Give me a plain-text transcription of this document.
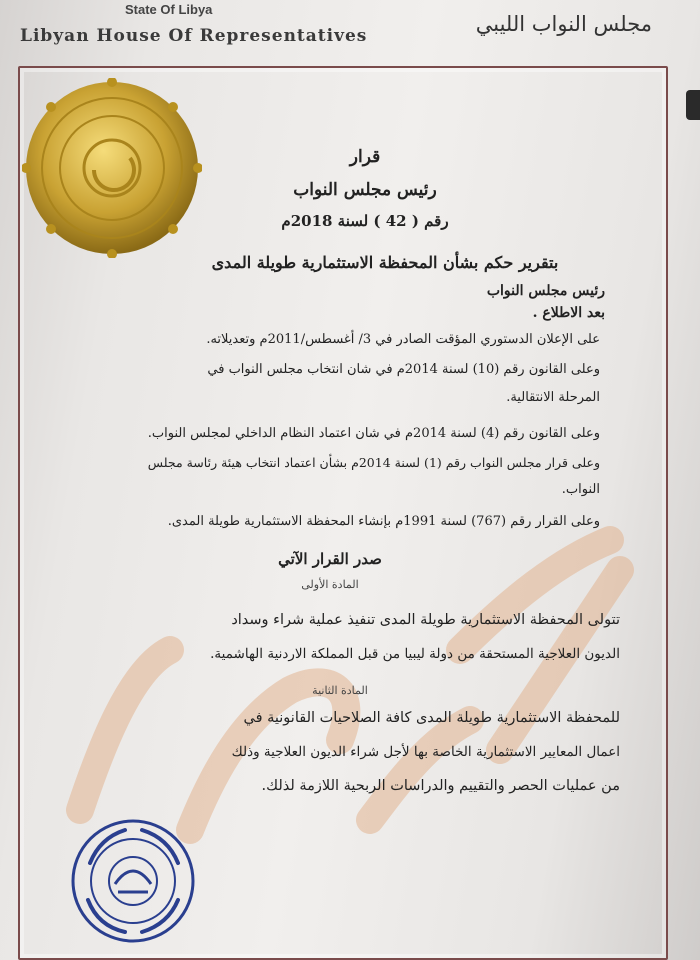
State Of Libya
Libyan House Of Representatives	مجلس النواب الليبي
قرار
رئيس مجلس النواب
رقم ( 42 ) لسنة 2018م
بتقرير حكم بشأن المحفظة الاستثمارية طويلة المدى
رئيس مجلس النواب
بعد الاطلاع .
على الإعلان الدستوري المؤقت الصادر في 3/ أغسطس/2011م وتعديلاته.
وعلى القانون رقم (10) لسنة 2014م في شان انتخاب مجلس النواب في
المرحلة الانتقالية.
وعلى القانون رقم (4) لسنة 2014م في شان اعتماد النظام الداخلي لمجلس النواب.
وعلى قرار مجلس النواب رقم (1) لسنة 2014م بشأن اعتماد انتخاب هيئة رئاسة مجلس
النواب.
وعلى القرار رقم (767) لسنة 1991م بإنشاء المحفظة الاستثمارية طويلة المدى.
صدر القرار الآتي
المادة الأولى
تتولى المحفظة الاستثمارية طويلة المدى تنفيذ عملية شراء وسداد
الديون العلاجية المستحقة من دولة ليبيا من قبل المملكة الاردنية الهاشمية.
المادة الثانية
للمحفظة الاستثمارية طويلة المدى كافة الصلاحيات القانونية في
اعمال المعايير الاستثمارية الخاصة بها لأجل شراء الديون العلاجية وذلك
من عمليات الحصر والتقييم والدراسات الربحية اللازمة لذلك.
